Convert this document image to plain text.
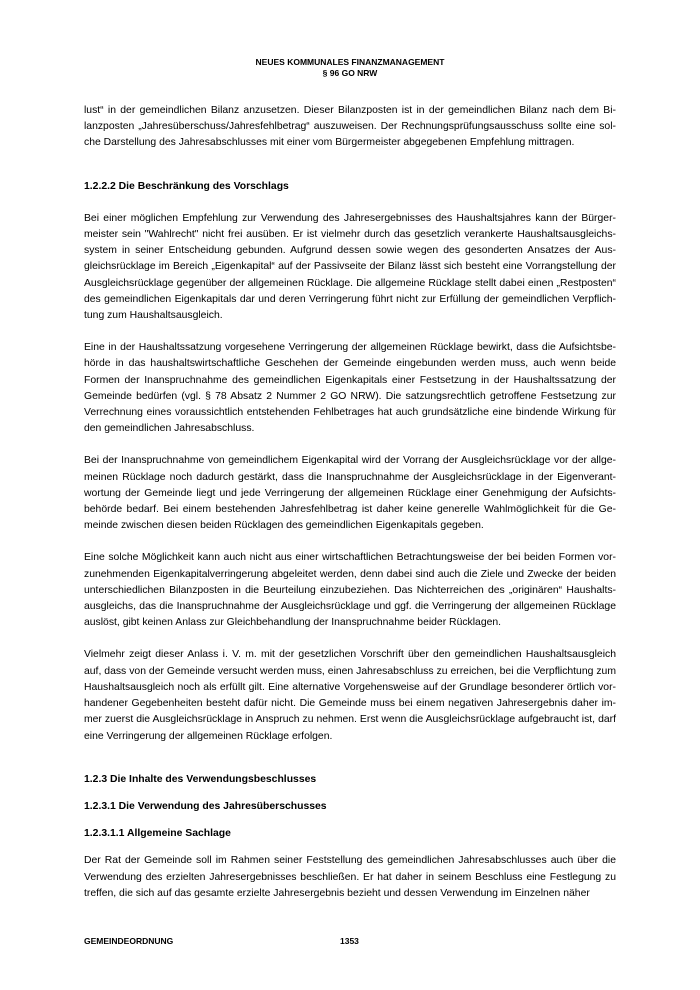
NEUES KOMMUNALES FINANZMANAGEMENT
§ 96 GO NRW

lust“ in der gemeindlichen Bilanz anzusetzen. Dieser Bilanzposten ist in der gemeindlichen Bilanz nach dem Bilanzposten „Jahresüberschuss/Jahresfehlbetrag“ auszuweisen. Der Rechnungsprüfungsausschuss sollte eine solche Darstellung des Jahresabschlusses mit einer vom Bürgermeister abgegebenen Empfehlung mittragen.

1.2.2.2 Die Beschränkung des Vorschlags

Bei einer möglichen Empfehlung zur Verwendung des Jahresergebnisses des Haushaltsjahres kann der Bürgermeister sein "Wahlrecht" nicht frei ausüben. Er ist vielmehr durch das gesetzlich verankerte Haushaltsausgleichssystem in seiner Entscheidung gebunden. Aufgrund dessen sowie wegen des gesonderten Ansatzes der Ausgleichsrücklage im Bereich „Eigenkapital“ auf der Passivseite der Bilanz lässt sich besteht eine Vorrangstellung der Ausgleichsrücklage gegenüber der allgemeinen Rücklage. Die allgemeine Rücklage stellt dabei einen „Restposten“ des gemeindlichen Eigenkapitals dar und deren Verringerung führt nicht zur Erfüllung der gemeindlichen Verpflichtung zum Haushaltsausgleich.

Eine in der Haushaltssatzung vorgesehene Verringerung der allgemeinen Rücklage bewirkt, dass die Aufsichtsbehörde in das haushaltswirtschaftliche Geschehen der Gemeinde eingebunden werden muss, auch wenn beide Formen der Inanspruchnahme des gemeindlichen Eigenkapitals einer Festsetzung in der Haushaltssatzung der Gemeinde bedürfen (vgl. § 78 Absatz 2 Nummer 2 GO NRW). Die satzungsrechtlich getroffene Festsetzung zur Verrechnung eines voraussichtlich entstehenden Fehlbetrages hat auch grundsätzliche eine bindende Wirkung für den gemeindlichen Jahresabschluss.

Bei der Inanspruchnahme von gemeindlichem Eigenkapital wird der Vorrang der Ausgleichsrücklage vor der allgemeinen Rücklage noch dadurch gestärkt, dass die Inanspruchnahme der Ausgleichsrücklage in der Eigenverantwortung der Gemeinde liegt und jede Verringerung der allgemeinen Rücklage einer Genehmigung der Aufsichtsbehörde bedarf. Bei einem bestehenden Jahresfehlbetrag ist daher keine generelle Wahlmöglichkeit für die Gemeinde zwischen diesen beiden Rücklagen des gemeindlichen Eigenkapitals gegeben.

Eine solche Möglichkeit kann auch nicht aus einer wirtschaftlichen Betrachtungsweise der bei beiden Formen vorzunehmenden Eigenkapitalverringerung abgeleitet werden, denn dabei sind auch die Ziele und Zwecke der beiden unterschiedlichen Bilanzposten in die Beurteilung einzubeziehen. Das Nichterreichen des „originären“ Haushaltsausgleichs, das die Inanspruchnahme der Ausgleichsrücklage und ggf. die Verringerung der allgemeinen Rücklage auslöst, gibt keinen Anlass zur Gleichbehandlung der Inanspruchnahme beider Rücklagen.

Vielmehr zeigt dieser Anlass i. V. m. mit der gesetzlichen Vorschrift über den gemeindlichen Haushaltsausgleich auf, dass von der Gemeinde versucht werden muss, einen Jahresabschluss zu erreichen, bei die Verpflichtung zum Haushaltsausgleich noch als erfüllt gilt. Eine alternative Vorgehensweise auf der Grundlage besonderer örtlich vorhandener Gegebenheiten besteht dafür nicht. Die Gemeinde muss bei einem negativen Jahresergebnis daher immer zuerst die Ausgleichsrücklage in Anspruch zu nehmen. Erst wenn die Ausgleichsrücklage aufgebraucht ist, darf eine Verringerung der allgemeinen Rücklage erfolgen.

1.2.3 Die Inhalte des Verwendungsbeschlusses

1.2.3.1 Die Verwendung des Jahresüberschusses

1.2.3.1.1 Allgemeine Sachlage

Der Rat der Gemeinde soll im Rahmen seiner Feststellung des gemeindlichen Jahresabschlusses auch über die Verwendung des erzielten Jahresergebnisses beschließen. Er hat daher in seinem Beschluss eine Festlegung zu treffen, die sich auf das gesamte erzielte Jahresergebnis bezieht und dessen Verwendung im Einzelnen näher

GEMEINDEORDNUNG	1353
